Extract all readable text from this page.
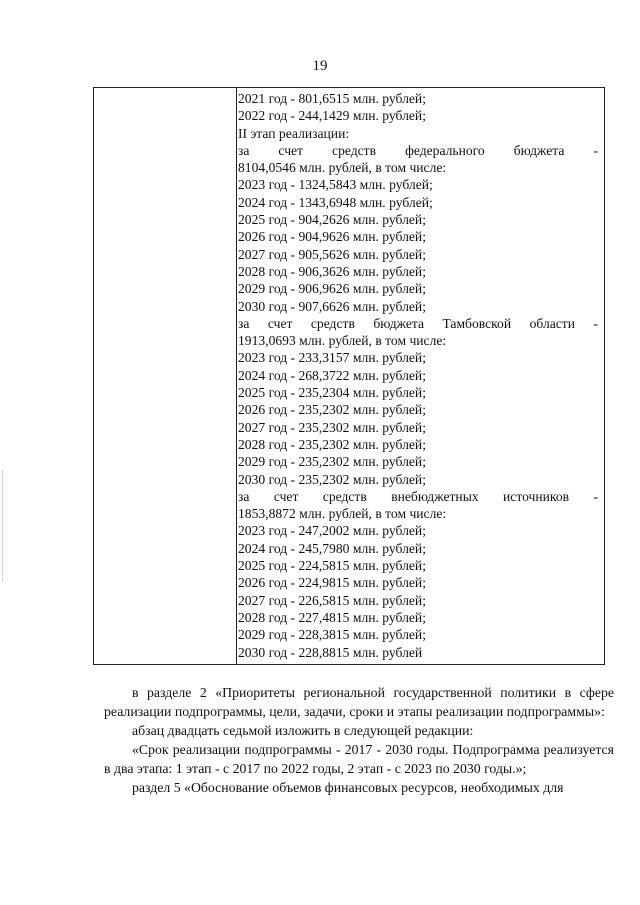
19
2021 год - 801,6515 млн. рублей;
2022 год - 244,1429 млн. рублей;
II этап реализации:
за счет средств федерального бюджета -
8104,0546 млн. рублей, в том числе:
2023 год - 1324,5843 млн. рублей;
2024 год - 1343,6948 млн. рублей;
2025 год - 904,2626 млн. рублей;
2026 год - 904,9626 млн. рублей;
2027 год - 905,5626 млн. рублей;
2028 год - 906,3626 млн. рублей;
2029 год - 906,9626 млн. рублей;
2030 год - 907,6626 млн. рублей;
за счет средств бюджета Тамбовской области -
1913,0693 млн. рублей, в том числе:
2023 год - 233,3157 млн. рублей;
2024 год - 268,3722 млн. рублей;
2025 год - 235,2304 млн. рублей;
2026 год - 235,2302 млн. рублей;
2027 год - 235,2302 млн. рублей;
2028 год - 235,2302 млн. рублей;
2029 год - 235,2302 млн. рублей;
2030 год - 235,2302 млн. рублей;
за счет средств внебюджетных источников -
1853,8872 млн. рублей, в том числе:
2023 год - 247,2002 млн. рублей;
2024 год - 245,7980 млн. рублей;
2025 год - 224,5815 млн. рублей;
2026 год - 224,9815 млн. рублей;
2027 год - 226,5815 млн. рублей;
2028 год - 227,4815 млн. рублей;
2029 год - 228,3815 млн. рублей;
2030 год - 228,8815 млн. рублей

в разделе 2 «Приоритеты региональной государственной политики в сфере реализации подпрограммы, цели, задачи, сроки и этапы реализации подпрограммы»:

абзац двадцать седьмой изложить в следующей редакции:

«Срок реализации подпрограммы - 2017 - 2030 годы. Подпрограмма реализуется в два этапа: 1 этап - с 2017 по 2022 годы, 2 этап - с 2023 по 2030 годы.»;

раздел 5 «Обоснование объемов финансовых ресурсов, необходимых для
